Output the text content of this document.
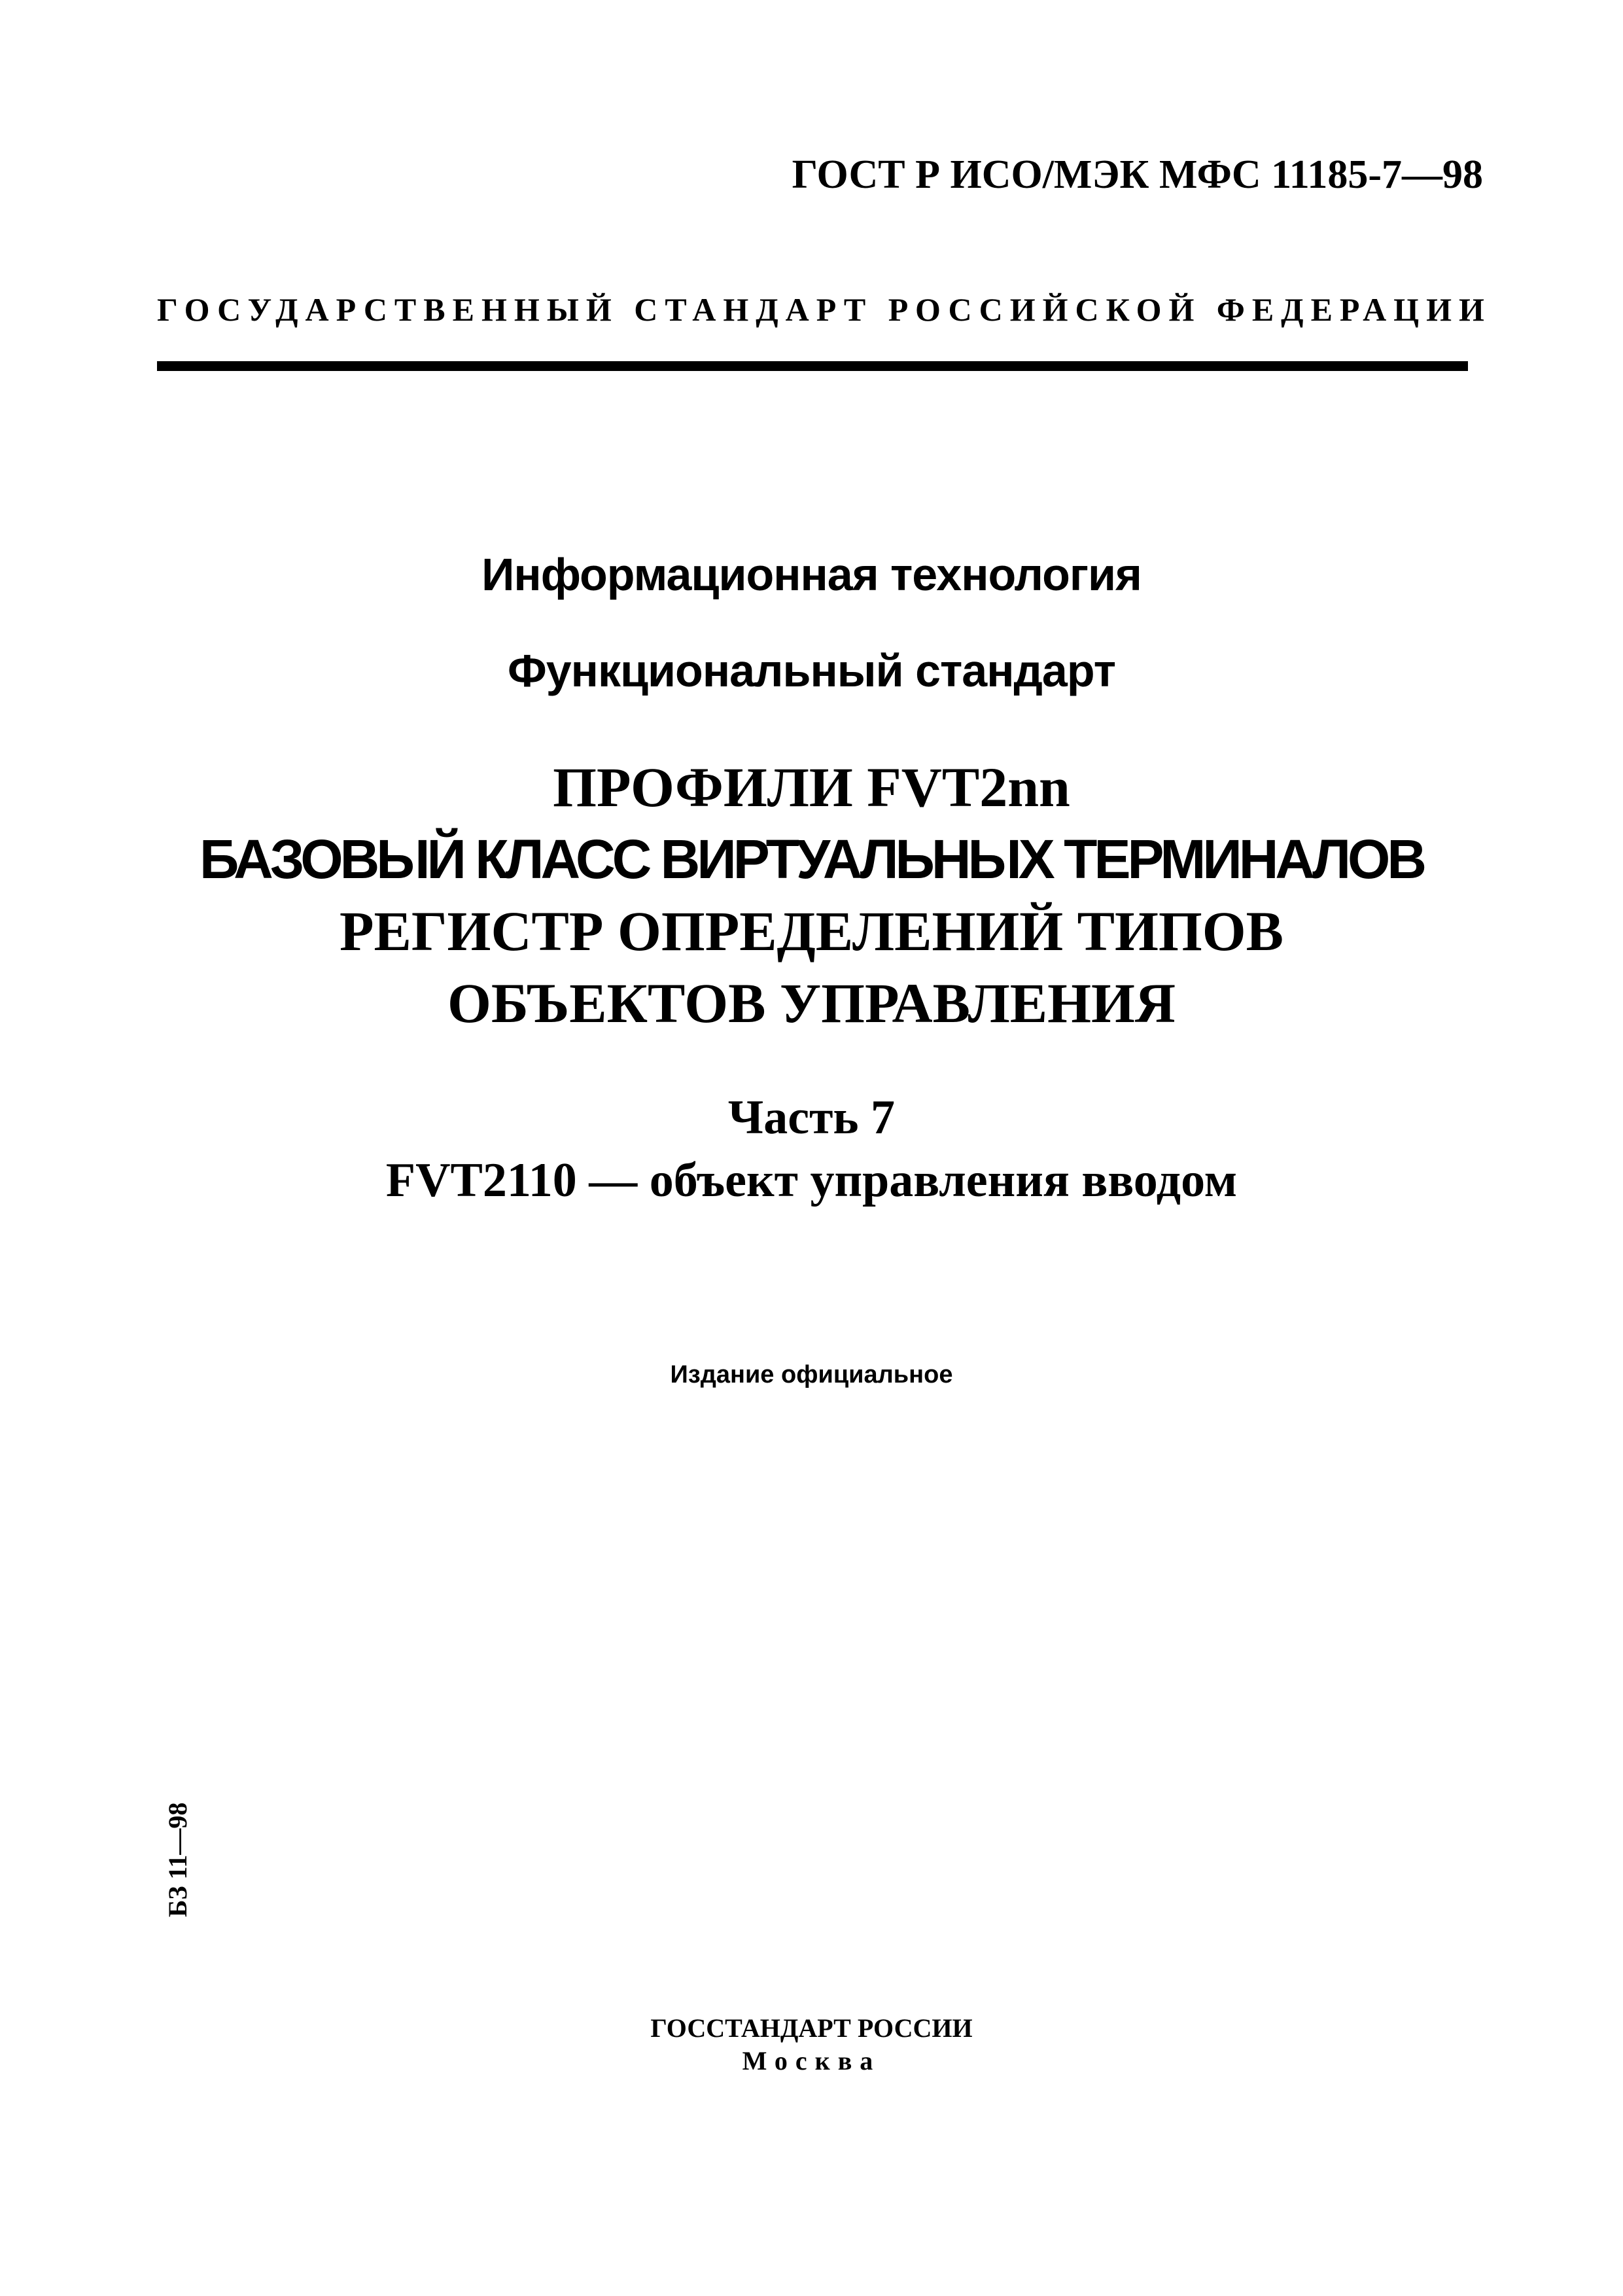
ГОСТ Р ИСО/МЭК МФС 11185-7—98
ГОСУДАРСТВЕННЫЙ СТАНДАРТ РОССИЙСКОЙ ФЕДЕРАЦИИ
Информационная технология
Функциональный стандарт
ПРОФИЛИ FVT2nn
БАЗОВЫЙ КЛАСС ВИРТУАЛЬНЫХ ТЕРМИНАЛОВ
РЕГИСТР ОПРЕДЕЛЕНИЙ ТИПОВ
ОБЪЕКТОВ УПРАВЛЕНИЯ
Часть 7
FVT2110 — объект управления вводом
Издание официальное
БЗ 11—98
ГОССТАНДАРТ РОССИИ
Москва
